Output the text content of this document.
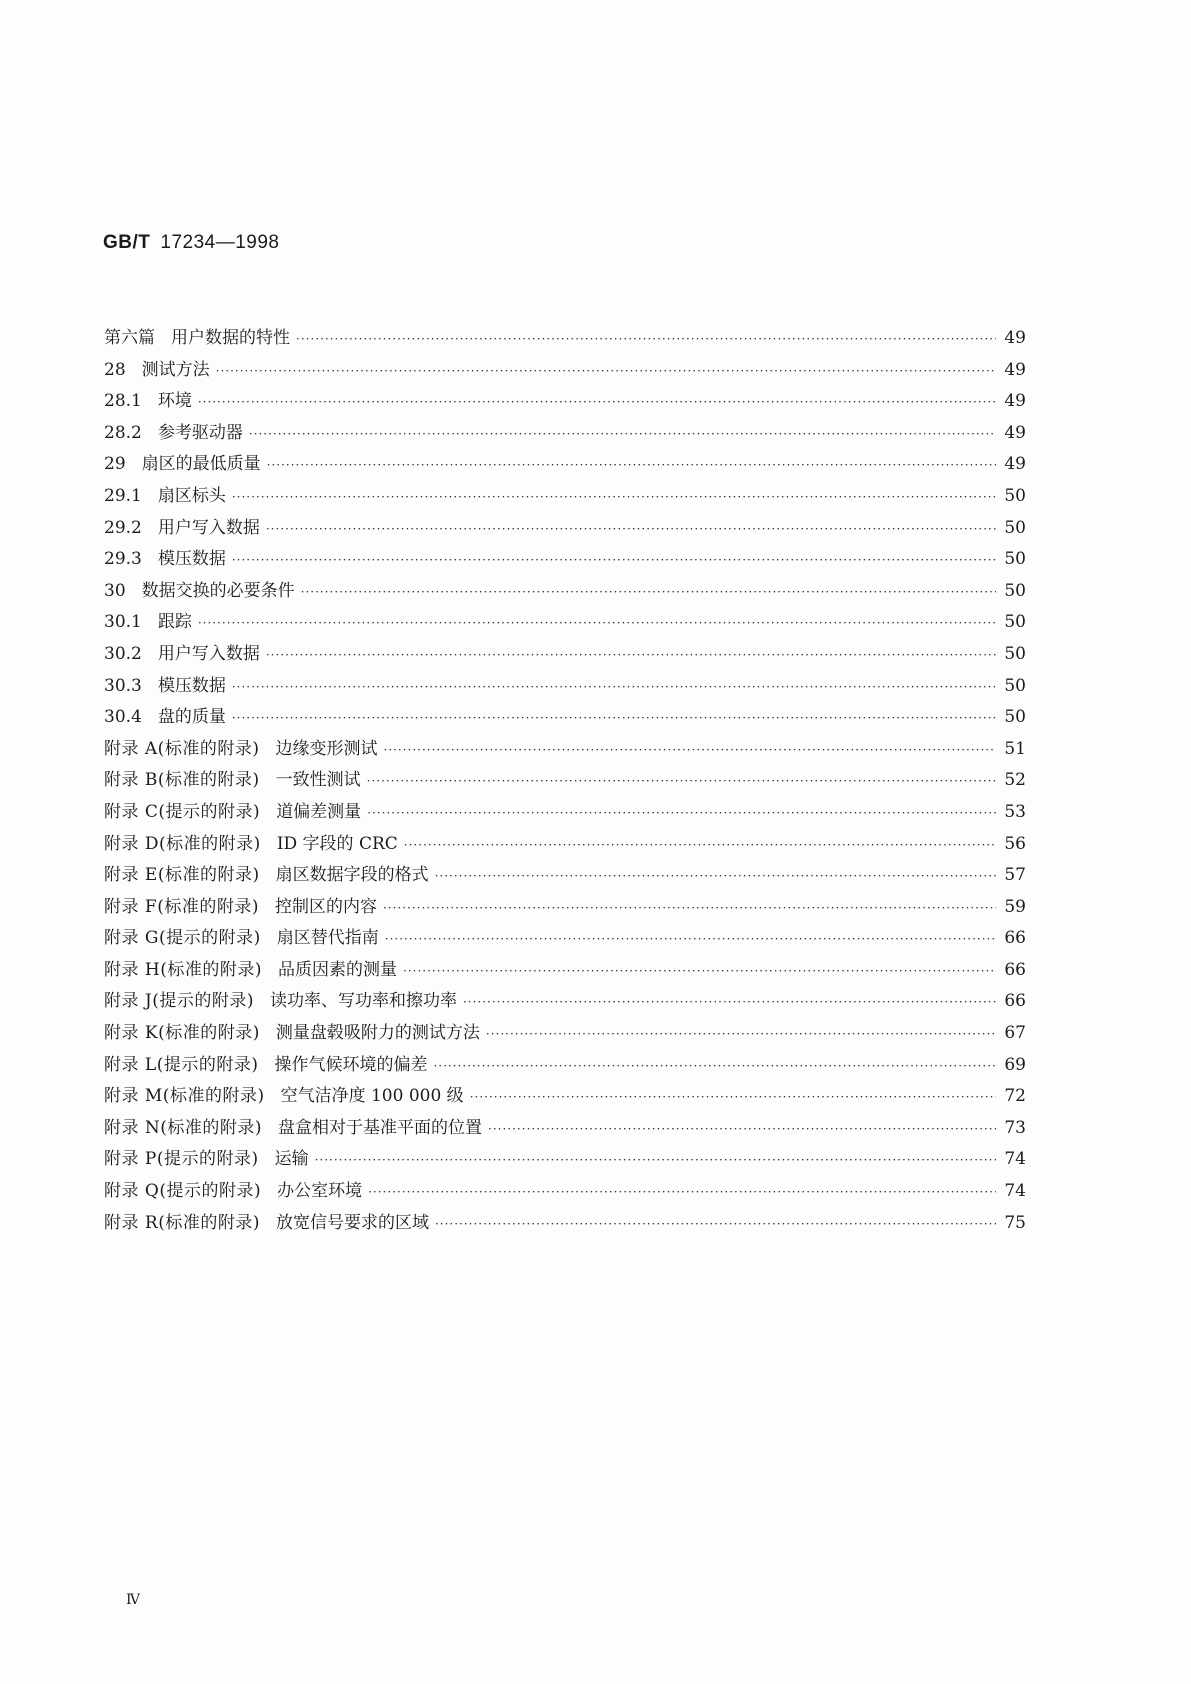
GB/T 17234—1998
第六篇 用户数据的特性 ·····	49
28 测试方法 ·····	49
28.1 环境 ·····	49
28.2 参考驱动器 ·····	49
29 扇区的最低质量 ·····	49
29.1 扇区标头 ·····	50
29.2 用户写入数据 ·····	50
29.3 模压数据 ·····	50
30 数据交换的必要条件 ·····	50
30.1 跟踪 ·····	50
30.2 用户写入数据 ·····	50
30.3 模压数据 ·····	50
30.4 盘的质量 ·····	50
附录 A(标准的附录) 边缘变形测试 ·····	51
附录 B(标准的附录) 一致性测试 ·····	52
附录 C(提示的附录) 道偏差测量 ·····	53
附录 D(标准的附录) ID 字段的 CRC ·····	56
附录 E(标准的附录) 扇区数据字段的格式 ·····	57
附录 F(标准的附录) 控制区的内容 ·····	59
附录 G(提示的附录) 扇区替代指南 ·····	66
附录 H(标准的附录) 品质因素的测量 ·····	66
附录 J(提示的附录) 读功率、写功率和擦功率 ·····	66
附录 K(标准的附录) 测量盘毂吸附力的测试方法 ·····	67
附录 L(提示的附录) 操作气候环境的偏差 ·····	69
附录 M(标准的附录) 空气洁净度 100 000 级 ·····	72
附录 N(标准的附录) 盘盒相对于基准平面的位置 ·····	73
附录 P(提示的附录) 运输 ·····	74
附录 Q(提示的附录) 办公室环境 ·····	74
附录 R(标准的附录) 放宽信号要求的区域 ·····	75
Ⅳ
